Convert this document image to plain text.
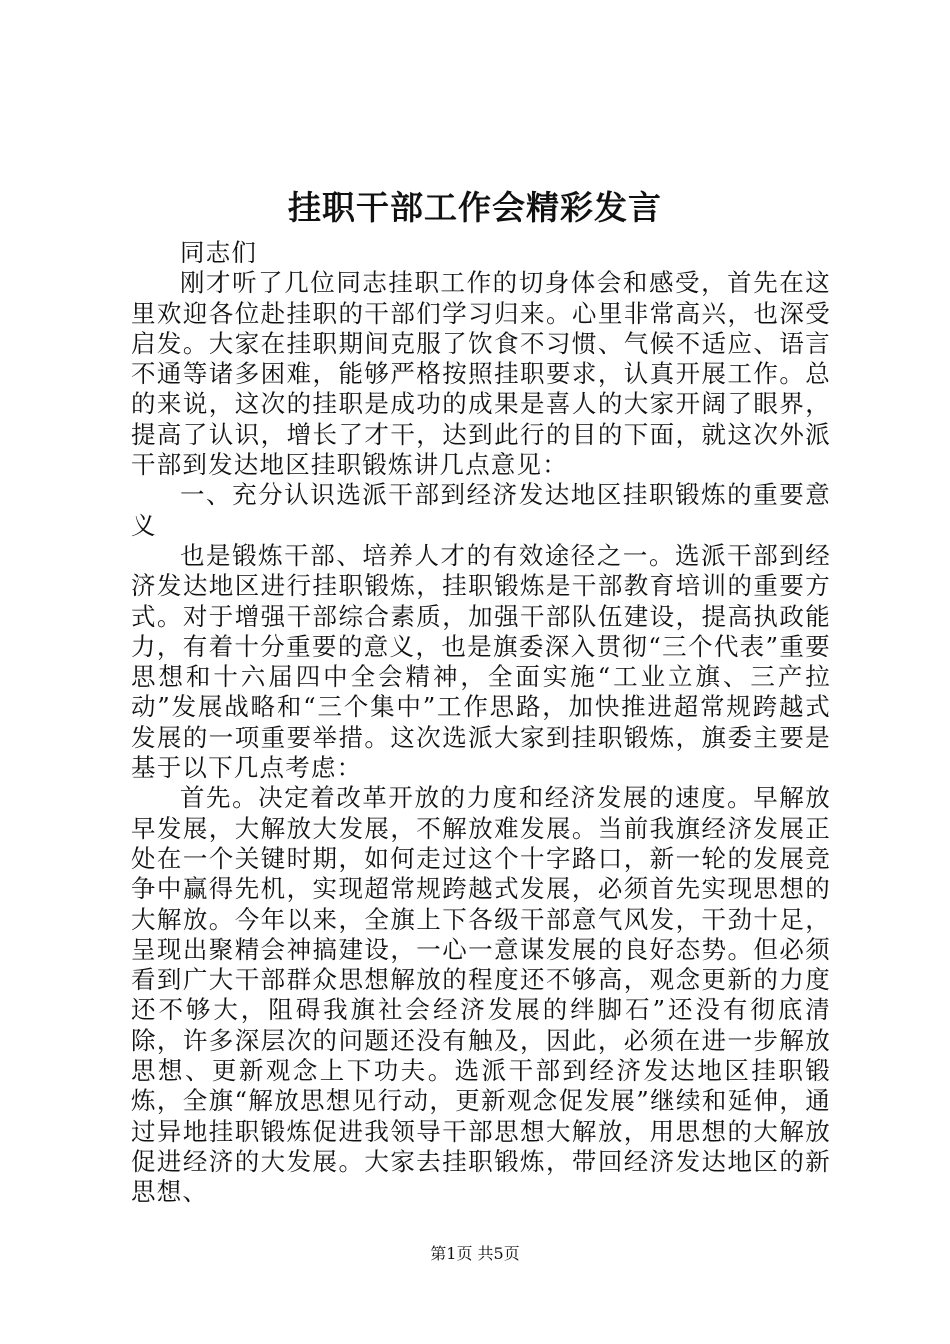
挂职干部工作会精彩发言

同志们

刚才听了几位同志挂职工作的切身体会和感受，首先在这里欢迎各位赴挂职的干部们学习归来。心里非常高兴，也深受启发。大家在挂职期间克服了饮食不习惯、气候不适应、语言不通等诸多困难，能够严格按照挂职要求，认真开展工作。总的来说，这次的挂职是成功的成果是喜人的大家开阔了眼界，提高了认识，增长了才干，达到此行的目的下面，就这次外派干部到发达地区挂职锻炼讲几点意见：

一、充分认识选派干部到经济发达地区挂职锻炼的重要意义

也是锻炼干部、培养人才的有效途径之一。选派干部到经济发达地区进行挂职锻炼，挂职锻炼是干部教育培训的重要方式。对于增强干部综合素质，加强干部队伍建设，提高执政能力，有着十分重要的意义，也是旗委深入贯彻“三个代表”重要思想和十六届四中全会精神，全面实施“工业立旗、三产拉动”发展战略和“三个集中”工作思路，加快推进超常规跨越式发展的一项重要举措。这次选派大家到挂职锻炼，旗委主要是基于以下几点考虑：

首先。决定着改革开放的力度和经济发展的速度。早解放早发展，大解放大发展，不解放难发展。当前我旗经济发展正处在一个关键时期，如何走过这个十字路口，新一轮的发展竞争中赢得先机，实现超常规跨越式发展，必须首先实现思想的大解放。今年以来，全旗上下各级干部意气风发，干劲十足，呈现出聚精会神搞建设，一心一意谋发展的良好态势。但必须看到广大干部群众思想解放的程度还不够高，观念更新的力度还不够大，阻碍我旗社会经济发展的绊脚石”还没有彻底清除，许多深层次的问题还没有触及，因此，必须在进一步解放思想、更新观念上下功夫。选派干部到经济发达地区挂职锻炼，全旗“解放思想见行动，更新观念促发展”继续和延伸，通过异地挂职锻炼促进我领导干部思想大解放，用思想的大解放促进经济的大发展。大家去挂职锻炼，带回经济发达地区的新思想、

第1页 共5页
